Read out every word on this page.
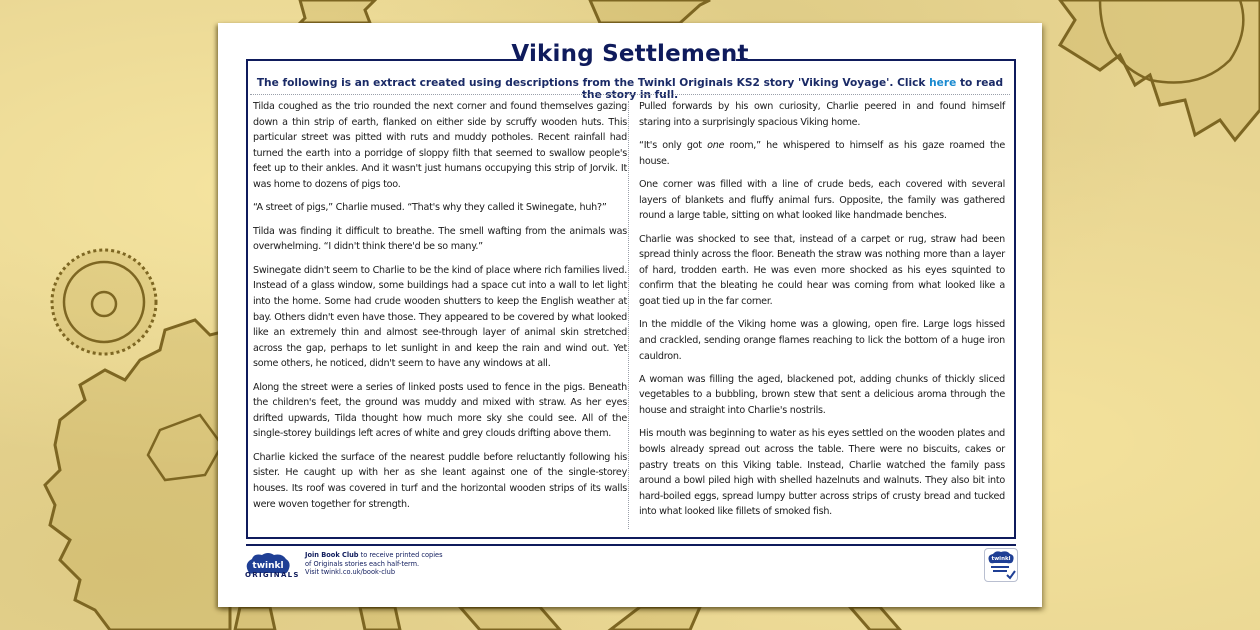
Viking Settlement
The following is an extract created using descriptions from the Twinkl Originals KS2 story 'Viking Voyage'. Click here to read the story in full.

Tilda coughed as the trio rounded the next corner and found themselves gazing down a thin strip of earth, flanked on either side by scruffy wooden huts. This particular street was pitted with ruts and muddy potholes. Recent rainfall had turned the earth into a porridge of sloppy filth that seemed to swallow people's feet up to their ankles. And it wasn't just humans occupying this strip of Jorvik. It was home to dozens of pigs too.

“A street of pigs,” Charlie mused. “That's why they called it Swinegate, huh?”

Tilda was finding it difficult to breathe. The smell wafting from the animals was overwhelming. “I didn't think there'd be so many.”

Swinegate didn't seem to Charlie to be the kind of place where rich families lived. Instead of a glass window, some buildings had a space cut into a wall to let light into the home. Some had crude wooden shutters to keep the English weather at bay. Others didn't even have those. They appeared to be covered by what looked like an extremely thin and almost see-through layer of animal skin stretched across the gap, perhaps to let sunlight in and keep the rain and wind out. Yet some others, he noticed, didn't seem to have any windows at all.

Along the street were a series of linked posts used to fence in the pigs. Beneath the children's feet, the ground was muddy and mixed with straw. As her eyes drifted upwards, Tilda thought how much more sky she could see. All of the single-storey buildings left acres of white and grey clouds drifting above them.

Charlie kicked the surface of the nearest puddle before reluctantly following his sister. He caught up with her as she leant against one of the single-storey houses. Its roof was covered in turf and the horizontal wooden strips of its walls were woven together for strength.

Pulled forwards by his own curiosity, Charlie peered in and found himself staring into a surprisingly spacious Viking home.

“It's only got one room,” he whispered to himself as his gaze roamed the house.

One corner was filled with a line of crude beds, each covered with several layers of blankets and fluffy animal furs. Opposite, the family was gathered round a large table, sitting on what looked like handmade benches.

Charlie was shocked to see that, instead of a carpet or rug, straw had been spread thinly across the floor. Beneath the straw was nothing more than a layer of hard, trodden earth. He was even more shocked as his eyes squinted to confirm that the bleating he could hear was coming from what looked like a goat tied up in the far corner.

In the middle of the Viking home was a glowing, open fire. Large logs hissed and crackled, sending orange flames reaching to lick the bottom of a huge iron cauldron.

A woman was filling the aged, blackened pot, adding chunks of thickly sliced vegetables to a bubbling, brown stew that sent a delicious aroma through the house and straight into Charlie's nostrils.

His mouth was beginning to water as his eyes settled on the wooden plates and bowls already spread out across the table. There were no biscuits, cakes or pastry treats on this Viking table. Instead, Charlie watched the family pass around a bowl piled high with shelled hazelnuts and walnuts. They also bit into hard-boiled eggs, spread lumpy butter across strips of crusty bread and tucked into what looked like fillets of smoked fish.

twinkl
ORIGINALS
Join Book Club to receive printed copies
of Originals stories each half-term.
Visit twinkl.co.uk/book-club
twinkl
